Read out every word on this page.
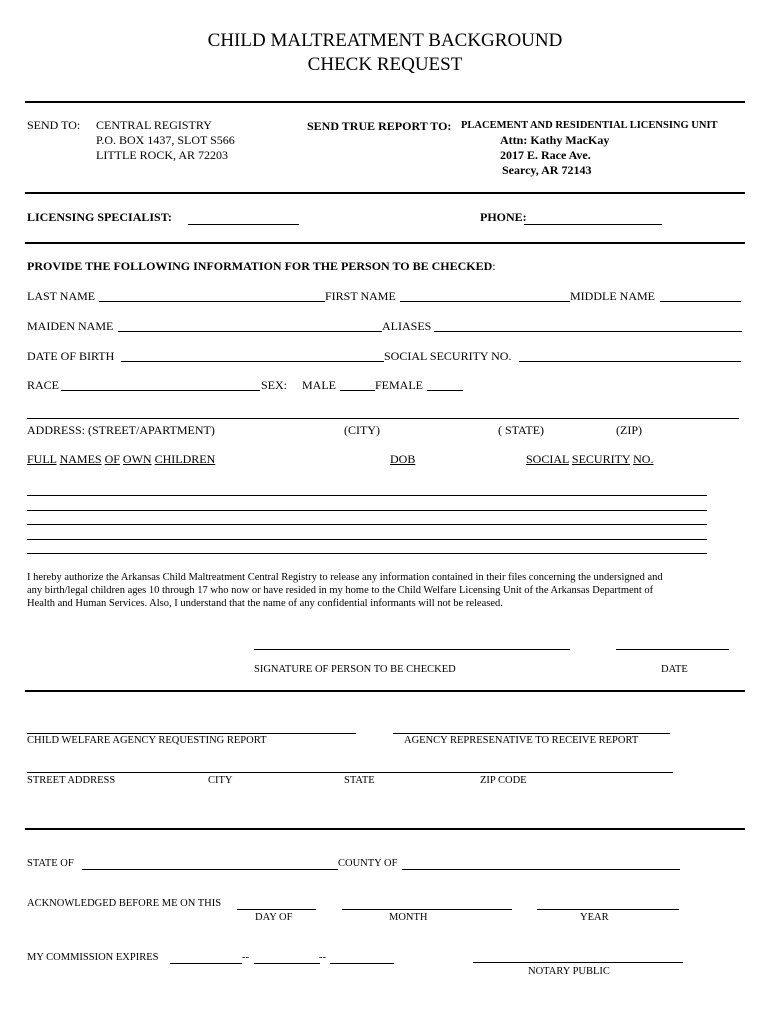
CHILD MALTREATMENT BACKGROUND
CHECK REQUEST
SEND TO: CENTRAL REGISTRY
P.O. BOX 1437, SLOT S566
LITTLE ROCK, AR 72203
SEND TRUE REPORT TO: PLACEMENT AND RESIDENTIAL LICENSING UNIT
Attn: Kathy MacKay
2017 E. Race Ave.
Searcy, AR 72143
LICENSING SPECIALIST:	PHONE:
PROVIDE THE FOLLOWING INFORMATION FOR THE PERSON TO BE CHECKED:
LAST NAME	FIRST NAME	MIDDLE NAME
MAIDEN NAME	ALIASES
DATE OF BIRTH	SOCIAL SECURITY NO.
RACE	SEX: MALE	FEMALE
ADDRESS: (STREET/APARTMENT)	(CITY)	( STATE)	(ZIP)
FULL NAMES OF OWN CHILDREN	DOB	SOCIAL SECURITY NO.
I hereby authorize the Arkansas Child Maltreatment Central Registry to release any information contained in their files concerning the undersigned and
any birth/legal children ages 10 through 17 who now or have resided in my home to the Child Welfare Licensing Unit of the Arkansas Department of
Health and Human Services. Also, I understand that the name of any confidential informants will not be released.
SIGNATURE OF PERSON TO BE CHECKED	DATE
CHILD WELFARE AGENCY REQUESTING REPORT	AGENCY REPRESENATIVE TO RECEIVE REPORT
STREET ADDRESS	CITY	STATE	ZIP CODE
STATE OF	COUNTY OF
ACKNOWLEDGED BEFORE ME ON THIS
DAY OF	MONTH	YEAR
MY COMMISSION EXPIRES	--	--
NOTARY PUBLIC
